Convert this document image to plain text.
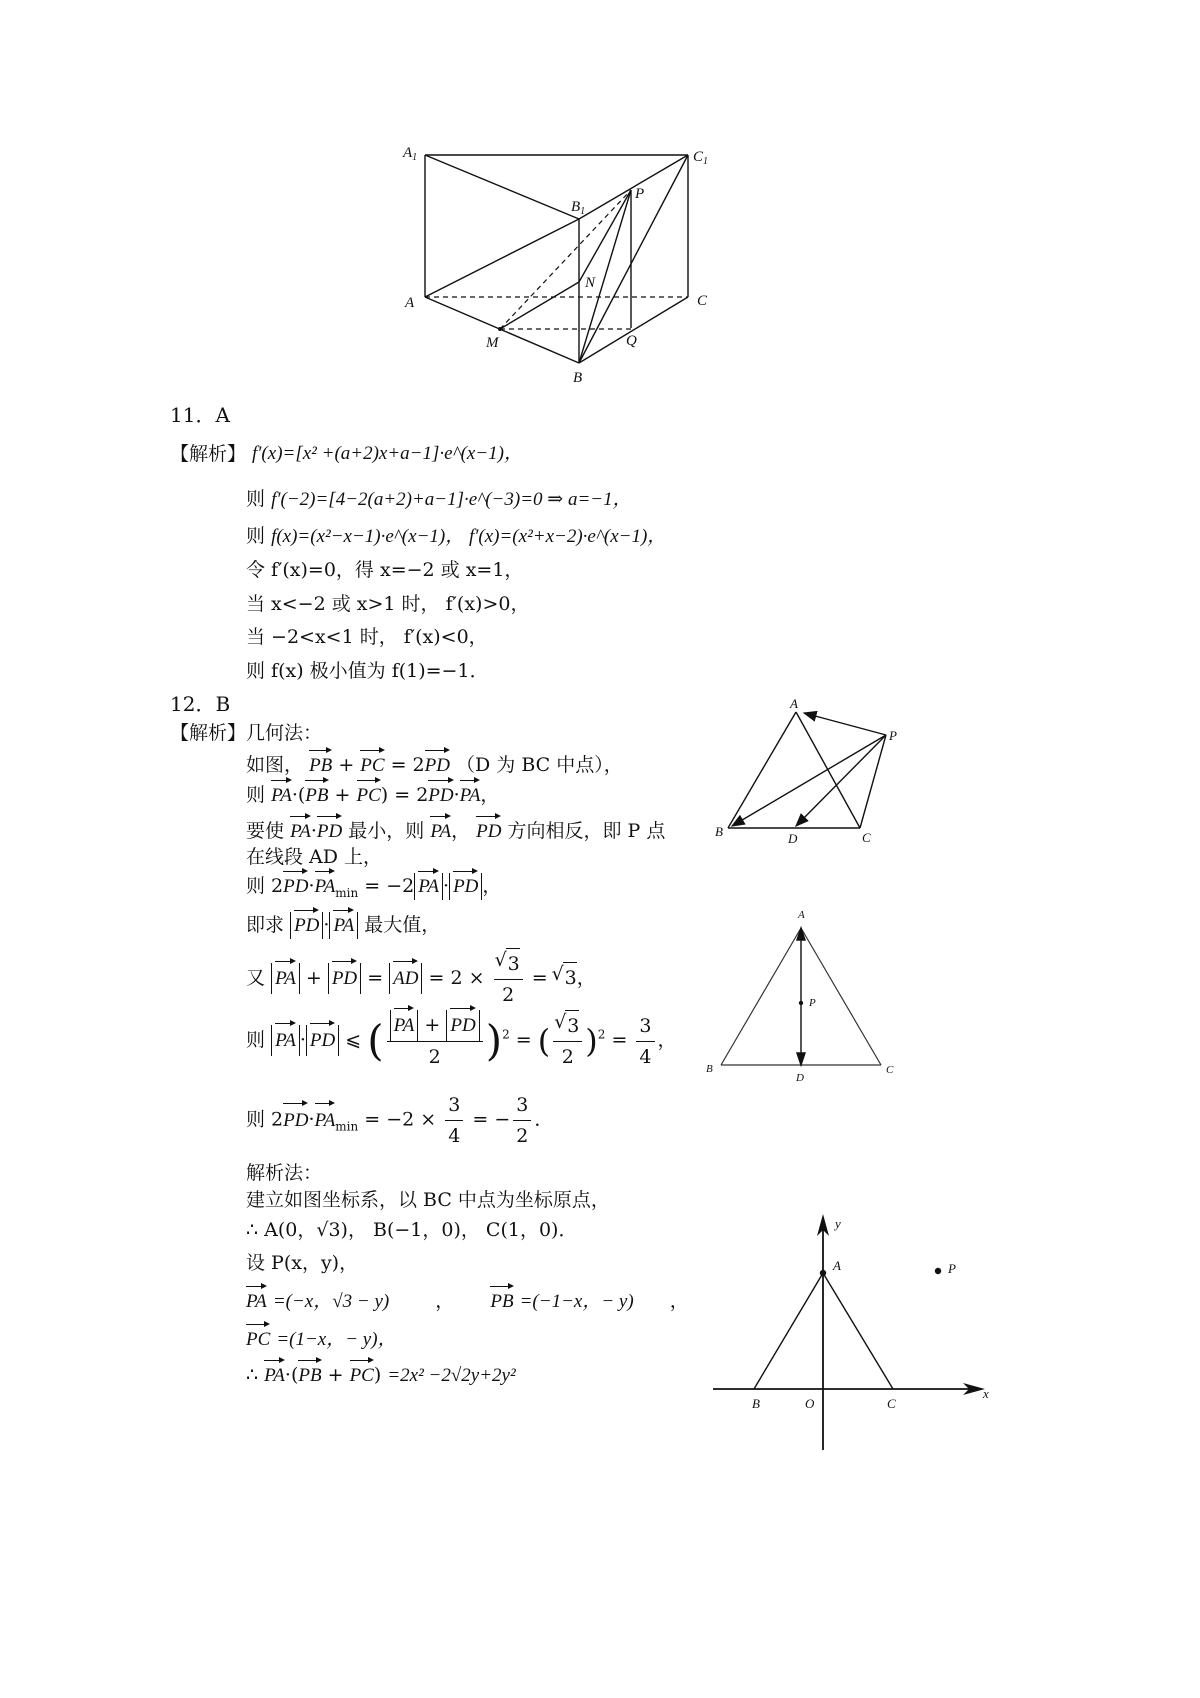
$A_1$	$C_1$
$B_1$
P
N
A	C
M	Q
B
11．A
【解析】 f′(x)=[x² +(a+2)x+a−1]·e^(x−1)，
则 f′(−2)=[4−2(a+2)+a−1]·e^(−3)=0 ⇒ a=−1，
则 f(x)=(x²−x−1)·e^(x−1)， f′(x)=(x²+x−2)·e^(x−1)，
令 f′(x)=0，得 x=−2 或 x=1，
当 x<−2 或 x>1 时， f′(x)>0，
当 −2<x<1 时， f′(x)<0，
则 f(x) 极小值为 f(1)=−1．
12．B
【解析】几何法：
如图， PB + PC = 2PD （D 为 BC 中点），
则 PA·(PB + PC) = 2PD·PA，
要使 PA·PD 最小，则 PA， PD 方向相反，即 P 点
在线段 AD 上，
则 $2PD\cdot PA_{min} = -2$ PA · PD ，
即求 PD · PA 最大值，
又 PA + PD = AD = 2 × √ $\frac{3}{2}$ = √ 3，
则 PA · PD ⩽ ( $\frac{PA + PD}{2} )^2$ = ( √ $\frac{3}{2} )^2 = \frac{3}{4}$ ，
则 $2PD\cdot PA_{min} = -2 \times \frac{3}{4}$ = − $\frac{3}{2}$ ．
解析法：
建立如图坐标系，以 BC 中点为坐标原点，
∴ A(0，√3)， B(−1，0)， C(1，0)．
设 P(x，y)，
PA =(−x，√3 − y) ， PB =(−1−x，− y) ，
PC =(1−x，− y)，
∴ PA·(PB + PC) =2x² −2√2y+2y²
A
P
B	D	C
A
P
B
D
C
y
A	P
B	O	C
x
